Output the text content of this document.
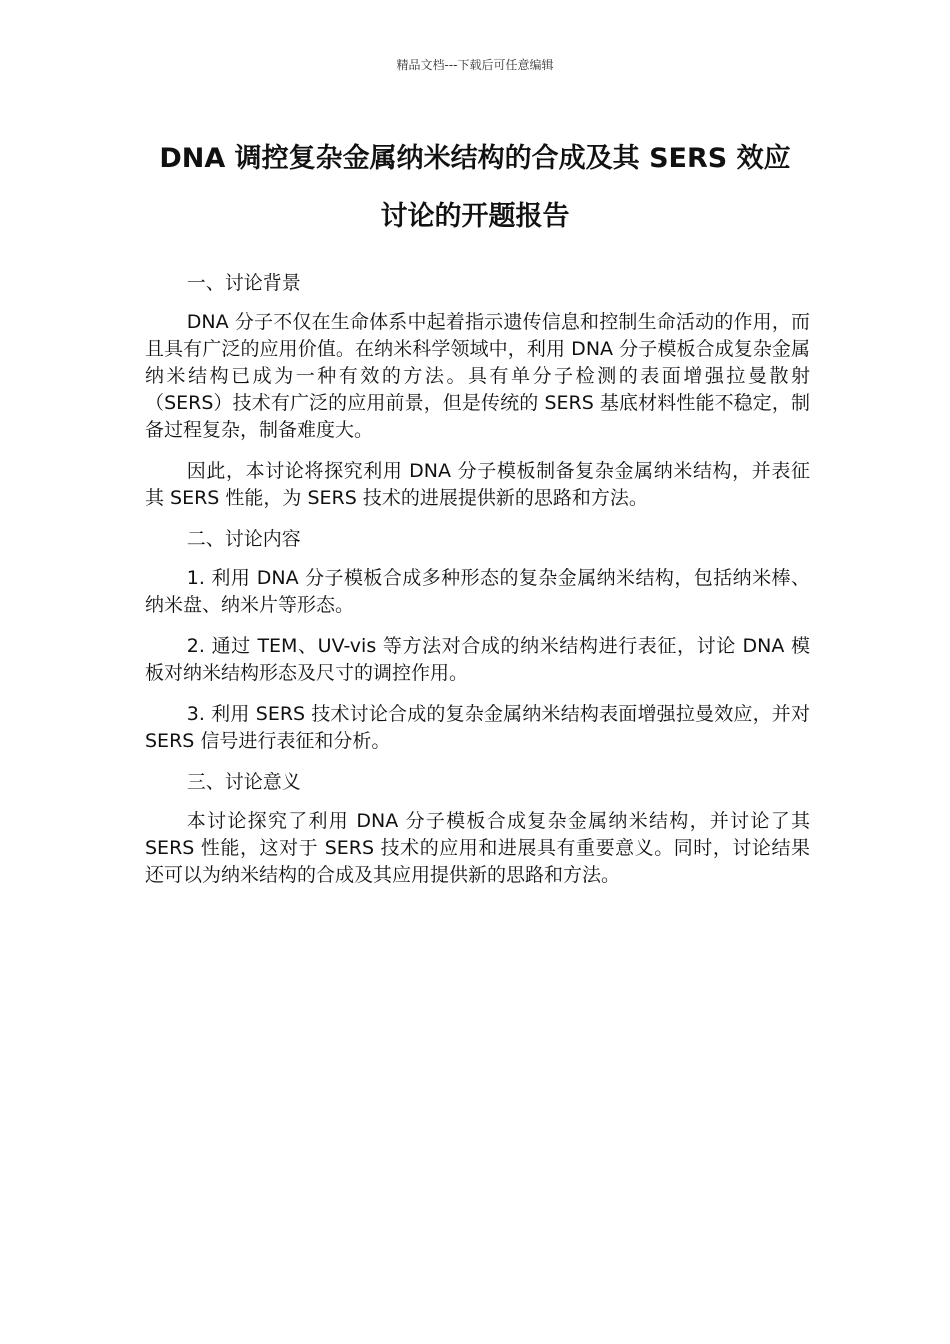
精品文档---下载后可任意编辑
DNA 调控复杂金属纳米结构的合成及其 SERS 效应
讨论的开题报告

一、讨论背景

DNA 分子不仅在生命体系中起着指示遗传信息和控制生命活动的作用，而且具有广泛的应用价值。在纳米科学领域中，利用 DNA 分子模板合成复杂金属纳米结构已成为一种有效的方法。具有单分子检测的表面增强拉曼散射（SERS）技术有广泛的应用前景，但是传统的 SERS 基底材料性能不稳定，制备过程复杂，制备难度大。

因此，本讨论将探究利用 DNA 分子模板制备复杂金属纳米结构，并表征其 SERS 性能，为 SERS 技术的进展提供新的思路和方法。

二、讨论内容

1. 利用 DNA 分子模板合成多种形态的复杂金属纳米结构，包括纳米棒、纳米盘、纳米片等形态。

2. 通过 TEM、UV-vis 等方法对合成的纳米结构进行表征，讨论 DNA 模板对纳米结构形态及尺寸的调控作用。

3. 利用 SERS 技术讨论合成的复杂金属纳米结构表面增强拉曼效应，并对 SERS 信号进行表征和分析。

三、讨论意义

本讨论探究了利用 DNA 分子模板合成复杂金属纳米结构，并讨论了其 SERS 性能，这对于 SERS 技术的应用和进展具有重要意义。同时，讨论结果还可以为纳米结构的合成及其应用提供新的思路和方法。
